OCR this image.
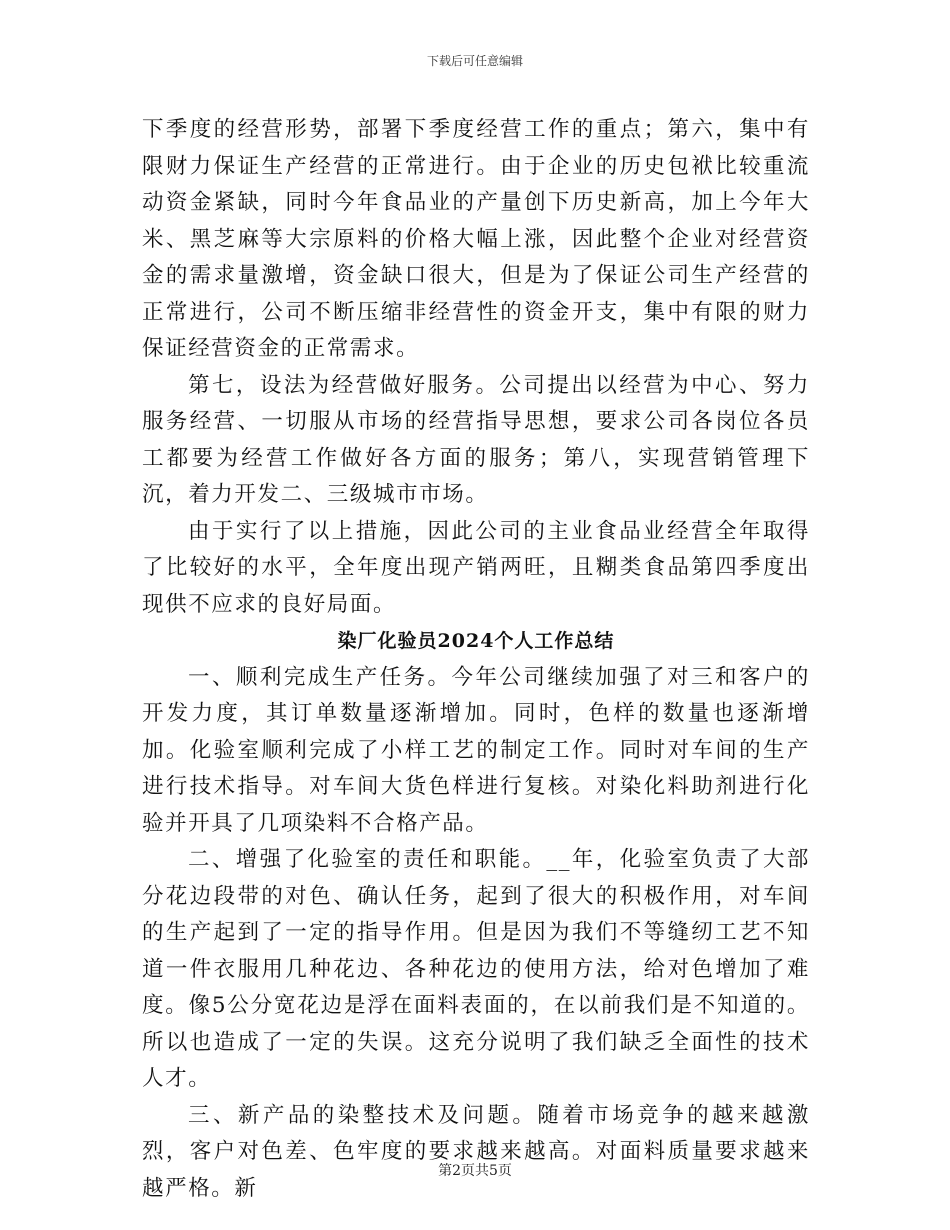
下载后可任意编辑

下季度的经营形势，部署下季度经营工作的重点；第六，集中有限财力保证生产经营的正常进行。由于企业的历史包袱比较重流动资金紧缺，同时今年食品业的产量创下历史新高，加上今年大米、黑芝麻等大宗原料的价格大幅上涨，因此整个企业对经营资金的需求量激增，资金缺口很大，但是为了保证公司生产经营的正常进行，公司不断压缩非经营性的资金开支，集中有限的财力保证经营资金的正常需求。

第七，设法为经营做好服务。公司提出以经营为中心、努力服务经营、一切服从市场的经营指导思想，要求公司各岗位各员工都要为经营工作做好各方面的服务；第八，实现营销管理下沉，着力开发二、三级城市市场。

由于实行了以上措施，因此公司的主业食品业经营全年取得了比较好的水平，全年度出现产销两旺，且糊类食品第四季度出现供不应求的良好局面。

染厂化验员2024个人工作总结

一、顺利完成生产任务。今年公司继续加强了对三和客户的开发力度，其订单数量逐渐增加。同时，色样的数量也逐渐增加。化验室顺利完成了小样工艺的制定工作。同时对车间的生产进行技术指导。对车间大货色样进行复核。对染化料助剂进行化验并开具了几项染料不合格产品。

二、增强了化验室的责任和职能。__年，化验室负责了大部分花边段带的对色、确认任务，起到了很大的积极作用，对车间的生产起到了一定的指导作用。但是因为我们不等缝纫工艺不知道一件衣服用几种花边、各种花边的使用方法，给对色增加了难度。像5公分宽花边是浮在面料表面的，在以前我们是不知道的。所以也造成了一定的失误。这充分说明了我们缺乏全面性的技术人才。

三、新产品的染整技术及问题。随着市场竞争的越来越激烈，客户对色差、色牢度的要求越来越高。对面料质量要求越来越严格。新

第2页共5页
